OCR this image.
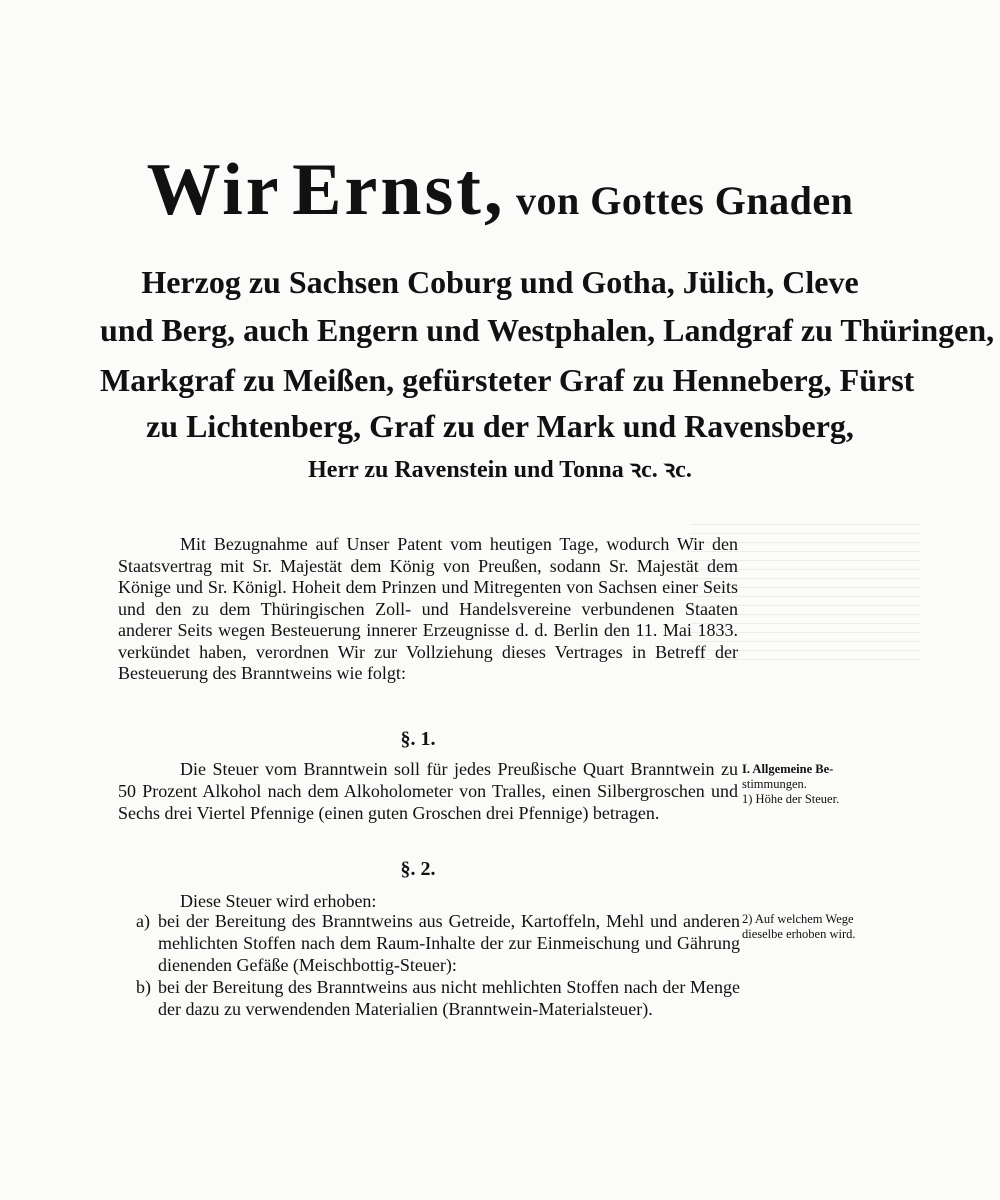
Wir Ernst, von Gottes Gnaden
Herzog zu Sachsen Coburg und Gotha, Jülich, Cleve
und Berg, auch Engern und Westphalen, Landgraf zu Thüringen,
Markgraf zu Meißen, gefürsteter Graf zu Henneberg, Fürst
zu Lichtenberg, Graf zu der Mark und Ravensberg,
Herr zu Ravenstein und Tonna ꝛc. ꝛc.

Mit Bezugnahme auf Unser Patent vom heutigen Tage, wodurch Wir den Staatsvertrag mit Sr. Majestät dem König von Preußen, sodann Sr. Majestät dem Könige und Sr. Königl. Hoheit dem Prinzen und Mitregenten von Sachsen einer Seits und den zu dem Thüringischen Zoll- und Handelsvereine verbundenen Staaten anderer Seits wegen Besteuerung innerer Erzeugnisse d. d. Berlin den 11. Mai 1833. verkündet haben, verordnen Wir zur Vollziehung dieses Vertrages in Betreff der Besteuerung des Branntweins wie folgt:

§. 1.

Die Steuer vom Branntwein soll für jedes Preußische Quart Branntwein zu 50 Prozent Alkohol nach dem Alkoholometer von Tralles, einen Silbergroschen und Sechs drei Viertel Pfennige (einen guten Groschen drei Pfennige) betragen.

I. Allgemeine Be-
stimmungen.
1) Höhe der Steuer.
§. 2.
Diese Steuer wird erhoben:
a) bei der Bereitung des Branntweins aus Getreide, Kartoffeln, Mehl und anderen mehlichten Stoffen nach dem Raum-Inhalte der zur Einmeischung und Gährung dienenden Gefäße (Meischbottig-Steuer):
b) bei der Bereitung des Branntweins aus nicht mehlichten Stoffen nach der Menge der dazu zu verwendenden Materialien (Branntwein-Materialsteuer).
2) Auf welchem Wege
dieselbe erhoben wird.
